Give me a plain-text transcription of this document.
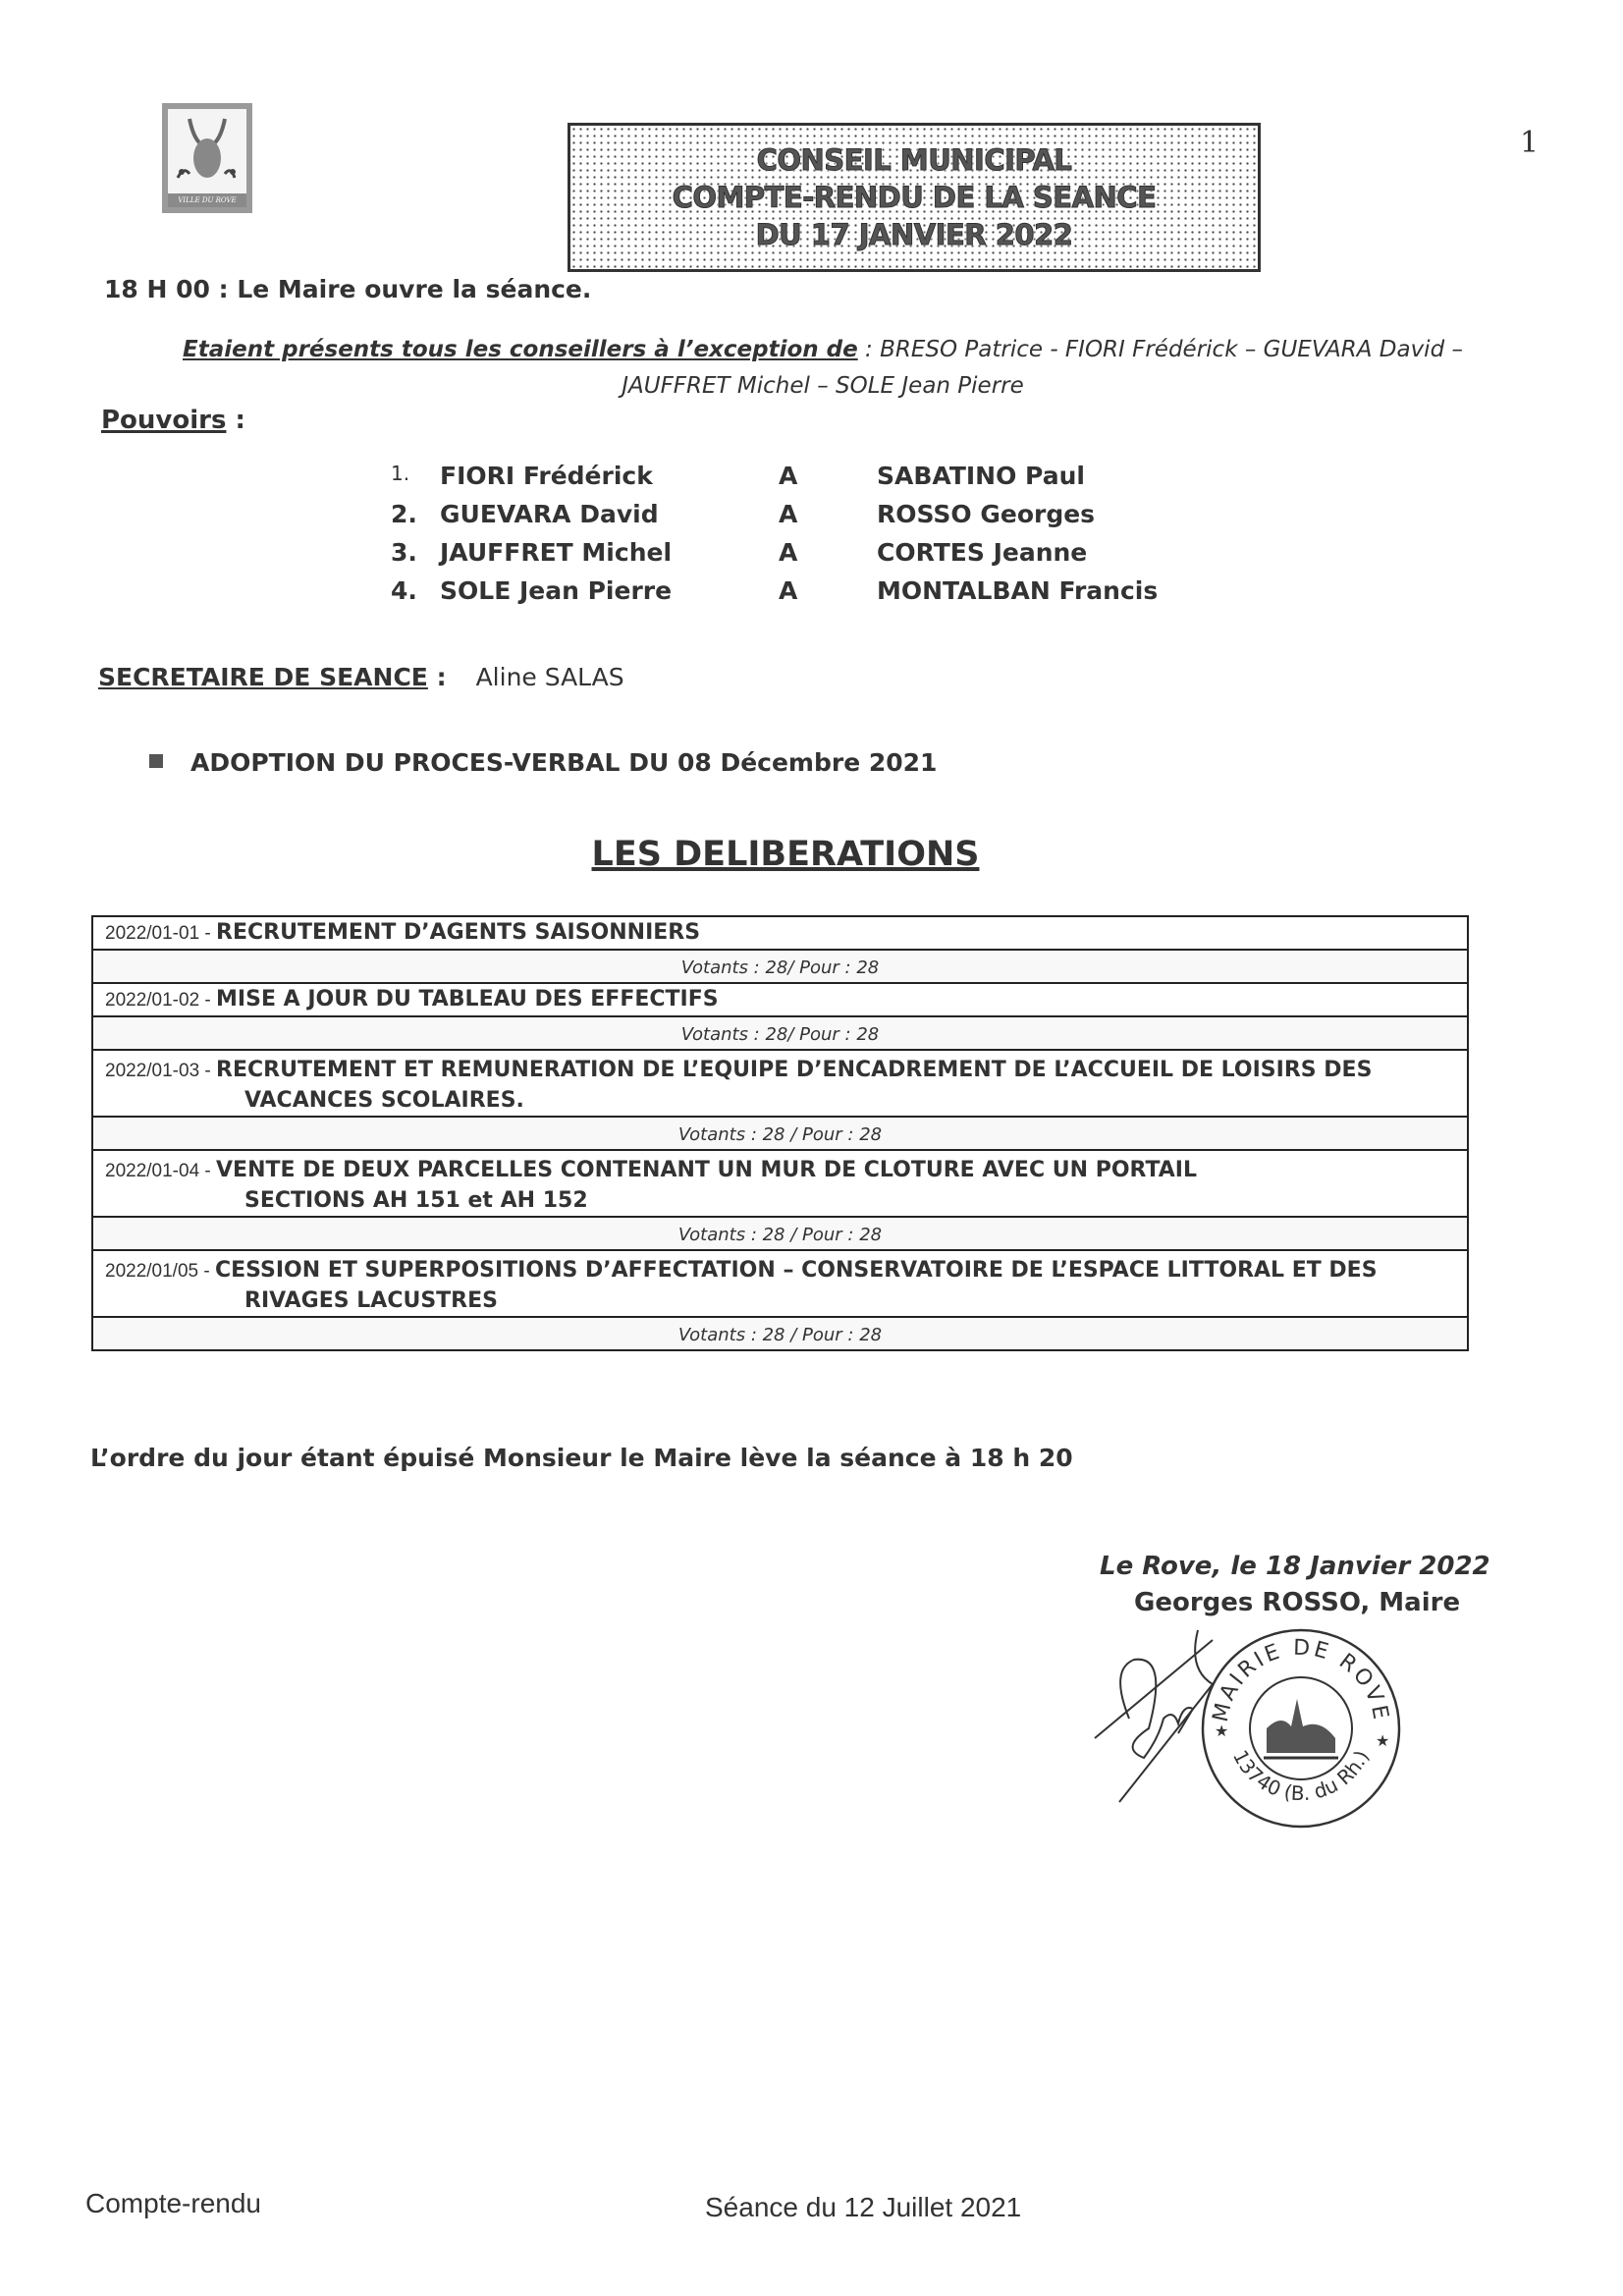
VILLE DU ROVE
CONSEIL MUNICIPAL
COMPTE-RENDU DE LA SEANCE
DU 17 JANVIER 2022
1
18 H 00 : Le Maire ouvre la séance.
Etaient présents tous les conseillers à l’exception de : BRESO Patrice - FIORI Frédérick – GUEVARA David –
JAUFFRET Michel – SOLE Jean Pierre
Pouvoirs :
1.	FIORI Frédérick	A	SABATINO Paul
2. GUEVARA David	A	ROSSO Georges
3. JAUFFRET Michel	A	CORTES Jeanne
4. SOLE Jean Pierre	A	MONTALBAN Francis
SECRETAIRE DE SEANCE : Aline SALAS
ADOPTION DU PROCES-VERBAL DU 08 Décembre 2021
LES DELIBERATIONS
2022/01-01 - RECRUTEMENT D’AGENTS SAISONNIERS
Votants : 28/ Pour : 28
2022/01-02 - MISE A JOUR DU TABLEAU DES EFFECTIFS
Votants : 28/ Pour : 28
2022/01-03 - RECRUTEMENT ET REMUNERATION DE L’EQUIPE D’ENCADREMENT DE L’ACCUEIL DE LOISIRS DES
VACANCES SCOLAIRES.
Votants : 28 / Pour : 28
2022/01-04 - VENTE DE DEUX PARCELLES CONTENANT UN MUR DE CLOTURE AVEC UN PORTAIL
SECTIONS AH 151 et AH 152
Votants : 28 / Pour : 28
2022/01/05 - CESSION ET SUPERPOSITIONS D’AFFECTATION – CONSERVATOIRE DE L’ESPACE LITTORAL ET DES
RIVAGES LACUSTRES
Votants : 28 / Pour : 28
L’ordre du jour étant épuisé Monsieur le Maire lève la séance à 18 h 20
Le Rove, le 18 Janvier 2022
Georges ROSSO, Maire
MAIRIE DE ROVE
13740 (B. du Rh.)
★
★
Compte-rendu	Séance du 12 Juillet 2021
